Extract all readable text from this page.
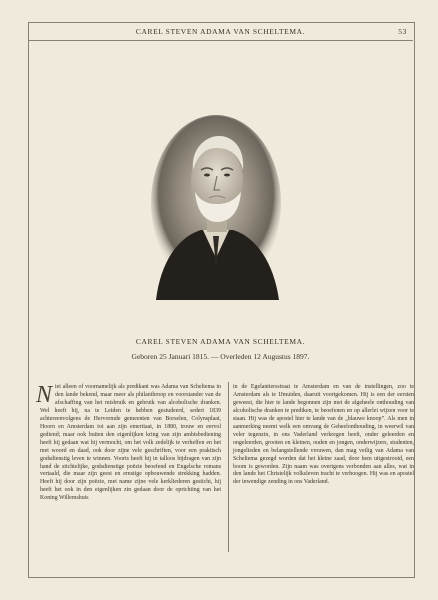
CAREL STEVEN ADAMA VAN SCHELTEMA.	53
CAREL STEVEN ADAMA VAN SCHELTEMA.
Geboren 25 Januari 1815. — Overleden 12 Augustus 1897.
Niet alleen of voornamelijk als predikant was Adama van Scheltema in den lande bekend, maar meer als philanthroop en voorstander van de afschaffing van het misbruik en gebruik van alcoholische dranken. Wel heeft hij, na te Leiden te hebben gestudeerd, sedert 1839 achtereenvolgens de Hervormde gemeenten van Borselen, Colynsplaat, Hoorn en Amsterdam tot aan zijn emeritaat, in 1880, trouw en eervol gediend; maar ook buiten den eigenlijken kring van zijn ambtsbediening heeft hij gedaan wat hij vermocht, om het volk zedelijk te verheffen en het met woord en daad, ook door zijne vele geschriften, voor een praktisch godsdienstig leven te winnen. Voorts heeft hij in talloos bijdragen van zijn hand de stichtelijke, godsdienstige poëzie beoefend en Engelsche romans vertaald, die maar zijn geest en ernstige opbouwende strekking hadden. Heeft hij door zijn poëzie, met name zijne vele kerkliederen gesticht, hij heeft het ook in den eigenlijken zin gedaan door de oprichting van het Koning Willemshuis
in de Egelantiersstraat te Amsterdam en van de instellingen, zoo te Amsterdam als te IJmuiden, daaruit voortgekomen. Hij is een der eersten geweest, die hier te lande begonnen zijn met de algeheele onthouding van alcoholische dranken te prediken, te beoefenen en op allerlei wijzen voor te staan. Hij was de apostel hier te lande van de „blauwe knoop”. Als men in aanmerking neemt welk een omvang de Geheelonthouding, in weerwil van veler tegenzin, in ons Vaderland verkregen heeft, onder geleerden en ongeleerden, grooten en kleinen, ouden en jongen, onderwijzers, studenten, jongelieden en belangstellende vrouwen, dan mag veilig van Adama van Scheltema gezegd worden dat het kleine zaad, door hem uitgestrooid, een boom is geworden. Zijn naam was overigens verbonden aan alles, wat in den lande het Christelijk volksleven tracht te verhoogen. Hij was en apostel der inwendige zending in ons Vaderland.
